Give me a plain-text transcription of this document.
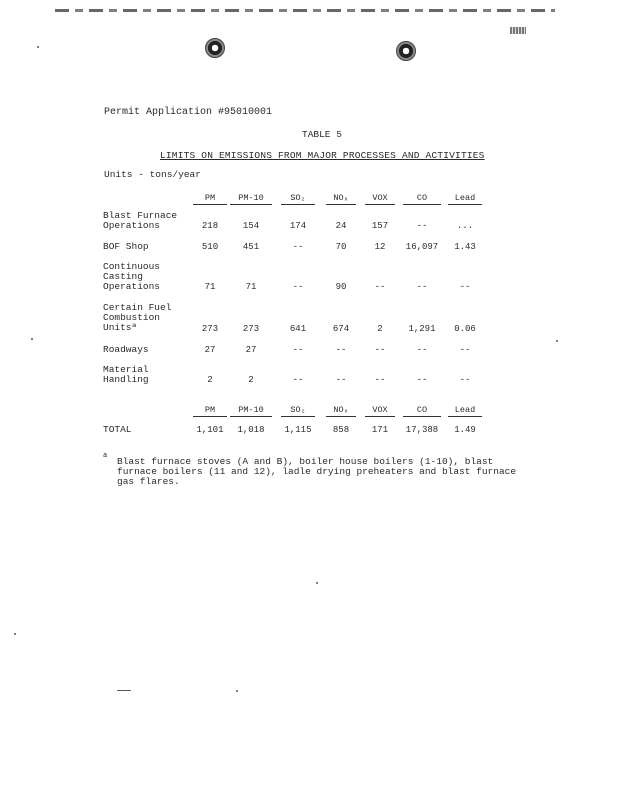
Permit Application #95010001
TABLE 5
LIMITS ON EMISSIONS FROM MAJOR PROCESSES AND ACTIVITIES
Units - tons/year
PM	PM-10	SO₂	NOₓ	VOX	CO	Lead
PM	PM-10	SO₂	NOₓ	VOX	CO	Lead
Blast Furnace
Operations	218	154	174	24	157	--	...
BOF Shop	510	451	--	70	12	16,097	1.43
Continuous
Casting
Operations	71	71	--	90	--	--	--
Certain Fuel
Combustion
Unitsª	273	273	641	674	2	1,291	0.06
Roadways	27	27	--	--	--	--	--
Material
Handling	2	2	--	--	--	--	--
TOTAL	1,101	1,018	1,115	858	171	17,388	1.49
a Blast furnace stoves (A and B), boiler house boilers (1-10), blast
furnace boilers (11 and 12), ladle drying preheaters and blast furnace
gas flares.
